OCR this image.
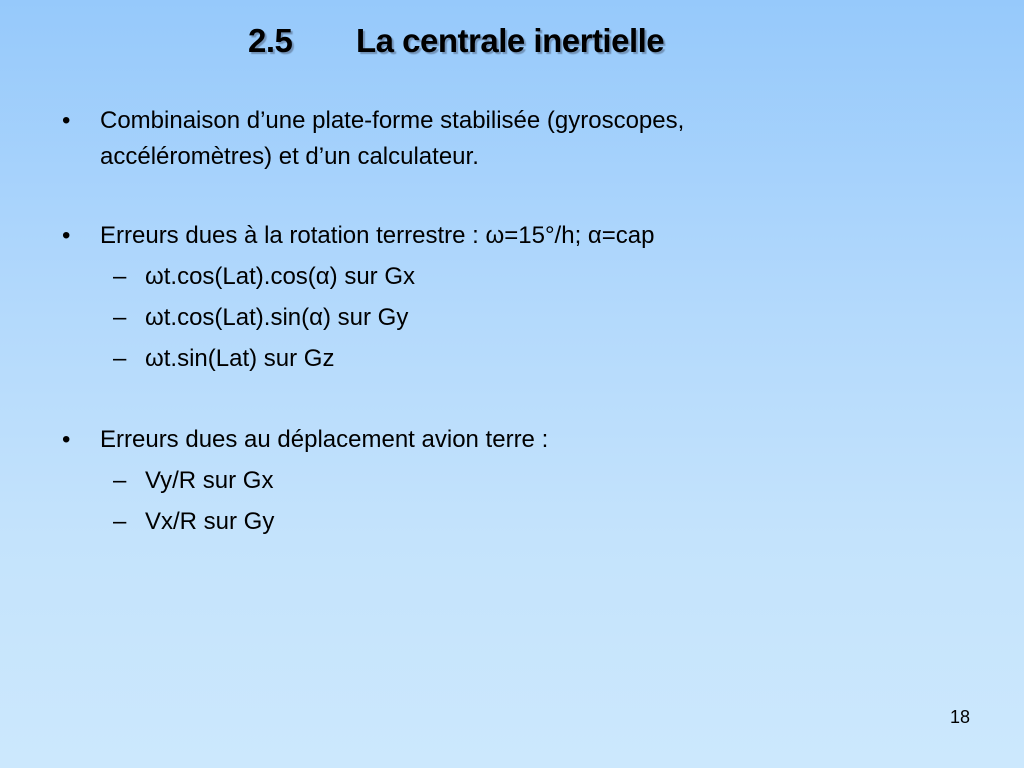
2.5 La centrale inertielle
• Combinaison d’une plate-forme stabilisée (gyroscopes,
accéléromètres) et d’un calculateur.
• Erreurs dues à la rotation terrestre : ω=15°/h; α=cap
– ωt.cos(Lat).cos(α) sur Gx
– ωt.cos(Lat).sin(α) sur Gy
– ωt.sin(Lat) sur Gz
• Erreurs dues au déplacement avion terre :
– Vy/R sur Gx
– Vx/R sur Gy
18
